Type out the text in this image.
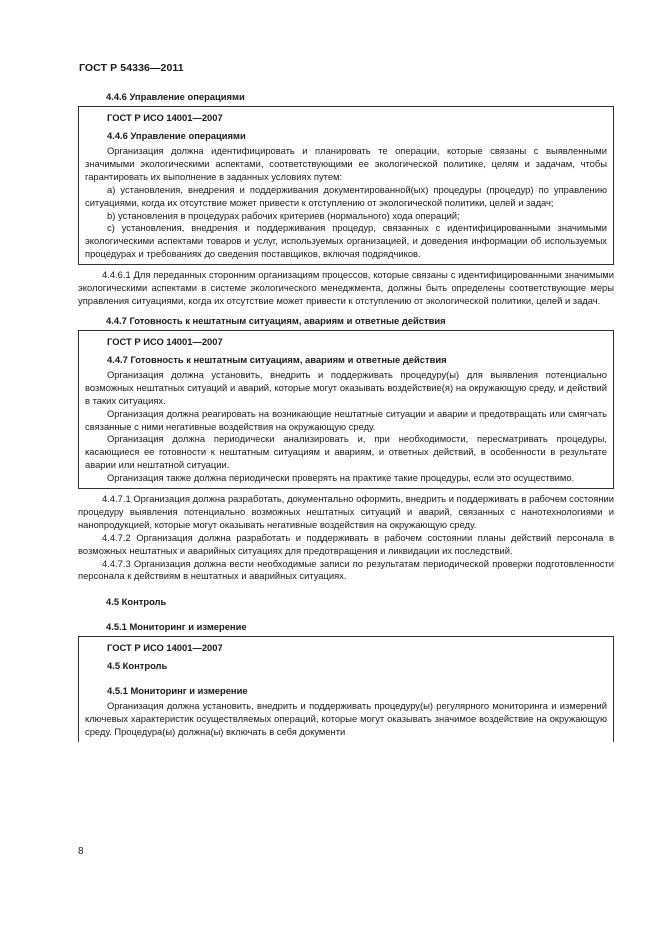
ГОСТ Р 54336—2011

4.4.6 Управление операциями

ГОСТ Р ИСО 14001—2007

4.4.6 Управление операциями

Организация должна идентифицировать и планировать те операции, которые связаны с выявленными значимыми экологическими аспектами, соответствующими ее экологической политике, целям и задачам, чтобы гарантировать их выполнение в заданных условиях путем:

а) установления, внедрения и поддерживания документированной(ых) процедуры (процедур) по управлению ситуациями, когда их отсутствие может привести к отступлению от экологической политики, целей и задач;

b) установления в процедурах рабочих критериев (нормального) хода операций;

с) установления, внедрения и поддерживания процедур, связанных с идентифицированными значимыми экологическими аспектами товаров и услуг, используемых организацией, и доведения информации об используемых процедурах и требованиях до сведения поставщиков, включая подрядчиков.

4.4.6.1 Для переданных сторонним организациям процессов, которые связаны с идентифицированными значимыми экологическими аспектами в системе экологического менеджмента, должны быть определены соответствующие меры управления ситуациями, когда их отсутствие может привести к отступлению от экологической политики, целей и задач.

4.4.7 Готовность к нештатным ситуациям, авариям и ответные действия

ГОСТ Р ИСО 14001—2007

4.4.7 Готовность к нештатным ситуациям, авариям и ответные действия

Организация должна установить, внедрить и поддерживать процедуру(ы) для выявления потенциально возможных нештатных ситуаций и аварий, которые могут оказывать воздействие(я) на окружающую среду, и действий в таких ситуациях.

Организация должна реагировать на возникающие нештатные ситуации и аварии и предотвращать или смягчать связанные с ними негативные воздействия на окружающую среду.

Организация должна периодически анализировать и, при необходимости, пересматривать процедуры, касающиеся ее готовности к нештатным ситуациям и авариям, и ответных действий, в особенности в результате аварии или нештатной ситуации.

Организация также должна периодически проверять на практике такие процедуры, если это осуществимо.

4.4.7.1 Организация должна разработать, документально оформить, внедрить и поддерживать в рабочем состоянии процедуру выявления потенциально возможных нештатных ситуаций и аварий, связанных с нанотехнологиями и нанопродукцией, которые могут оказывать негативные воздействия на окружающую среду.

4.4.7.2 Организация должна разработать и поддерживать в рабочем состоянии планы действий персонала в возможных нештатных и аварийных ситуациях для предотвращения и ликвидации их последствий.

4.4.7.3 Организация должна вести необходимые записи по результатам периодической проверки подготовленности персонала к действиям в нештатных и аварийных ситуациях.

4.5 Контроль

4.5.1 Мониторинг и измерение

ГОСТ Р ИСО 14001—2007

4.5 Контроль

4.5.1 Мониторинг и измерение

Организация должна установить, внедрить и поддерживать процедуру(ы) регулярного мониторинга и измерений ключевых характеристик осуществляемых операций, которые могут оказывать значимое воздействие на окружающую среду. Процедура(ы) должна(ы) включать в себя документи

8
